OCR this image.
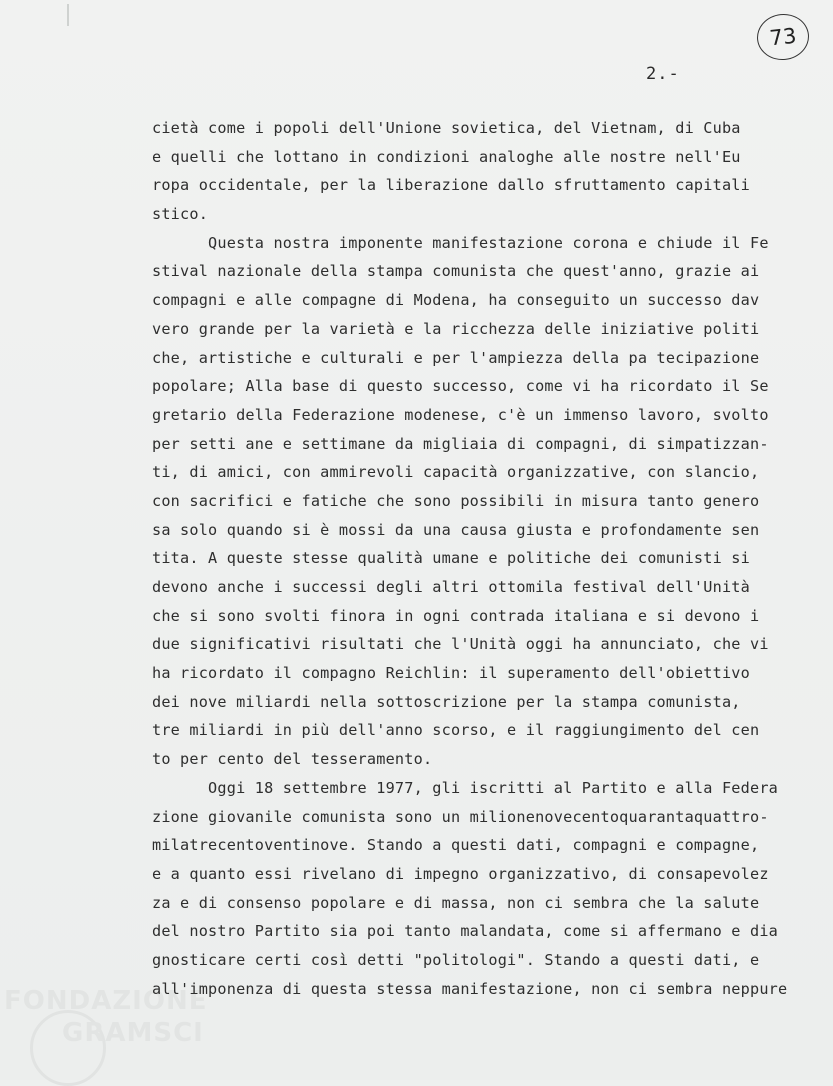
FONDAZIONE
GRAMSCI
73
2.-
cietà come i popoli dell'Unione sovietica, del Vietnam, di Cuba
e quelli che lottano in condizioni analoghe alle nostre nell'Eu
ropa occidentale, per la liberazione dallo sfruttamento capitali
stico.
Questa nostra imponente manifestazione corona e chiude il Fe
stival nazionale della stampa comunista che quest'anno, grazie ai
compagni e alle compagne di Modena, ha conseguito un successo dav
vero grande per la varietà e la ricchezza delle iniziative politi
che, artistiche e culturali e per l'ampiezza della pa tecipazione
popolare; Alla base di questo successo, come vi ha ricordato il Se
gretario della Federazione modenese, c'è un immenso lavoro, svolto
per setti ane e settimane da migliaia di compagni, di simpatizzan-
ti, di amici, con ammirevoli capacità organizzative, con slancio,
con sacrifici e fatiche che sono possibili in misura tanto genero
sa solo quando si è mossi da una causa giusta e profondamente sen
tita. A queste stesse qualità umane e politiche dei comunisti si
devono anche i successi degli altri ottomila festival dell'Unità
che si sono svolti finora in ogni contrada italiana e si devono i
due significativi risultati che l'Unità oggi ha annunciato, che vi
ha ricordato il compagno Reichlin: il superamento dell'obiettivo
dei nove miliardi nella sottoscrizione per la stampa comunista,
tre miliardi in più dell'anno scorso, e il raggiungimento del cen
to per cento del tesseramento.
Oggi 18 settembre 1977, gli iscritti al Partito e alla Federa
zione giovanile comunista sono un milionenovecentoquarantaquattro-
milatrecentoventinove. Stando a questi dati, compagni e compagne,
e a quanto essi rivelano di impegno organizzativo, di consapevolez
za e di consenso popolare e di massa, non ci sembra che la salute
del nostro Partito sia poi tanto malandata, come si affermano e dia
gnosticare certi così detti "politologi". Stando a questi dati, e
all'imponenza di questa stessa manifestazione, non ci sembra neppure
